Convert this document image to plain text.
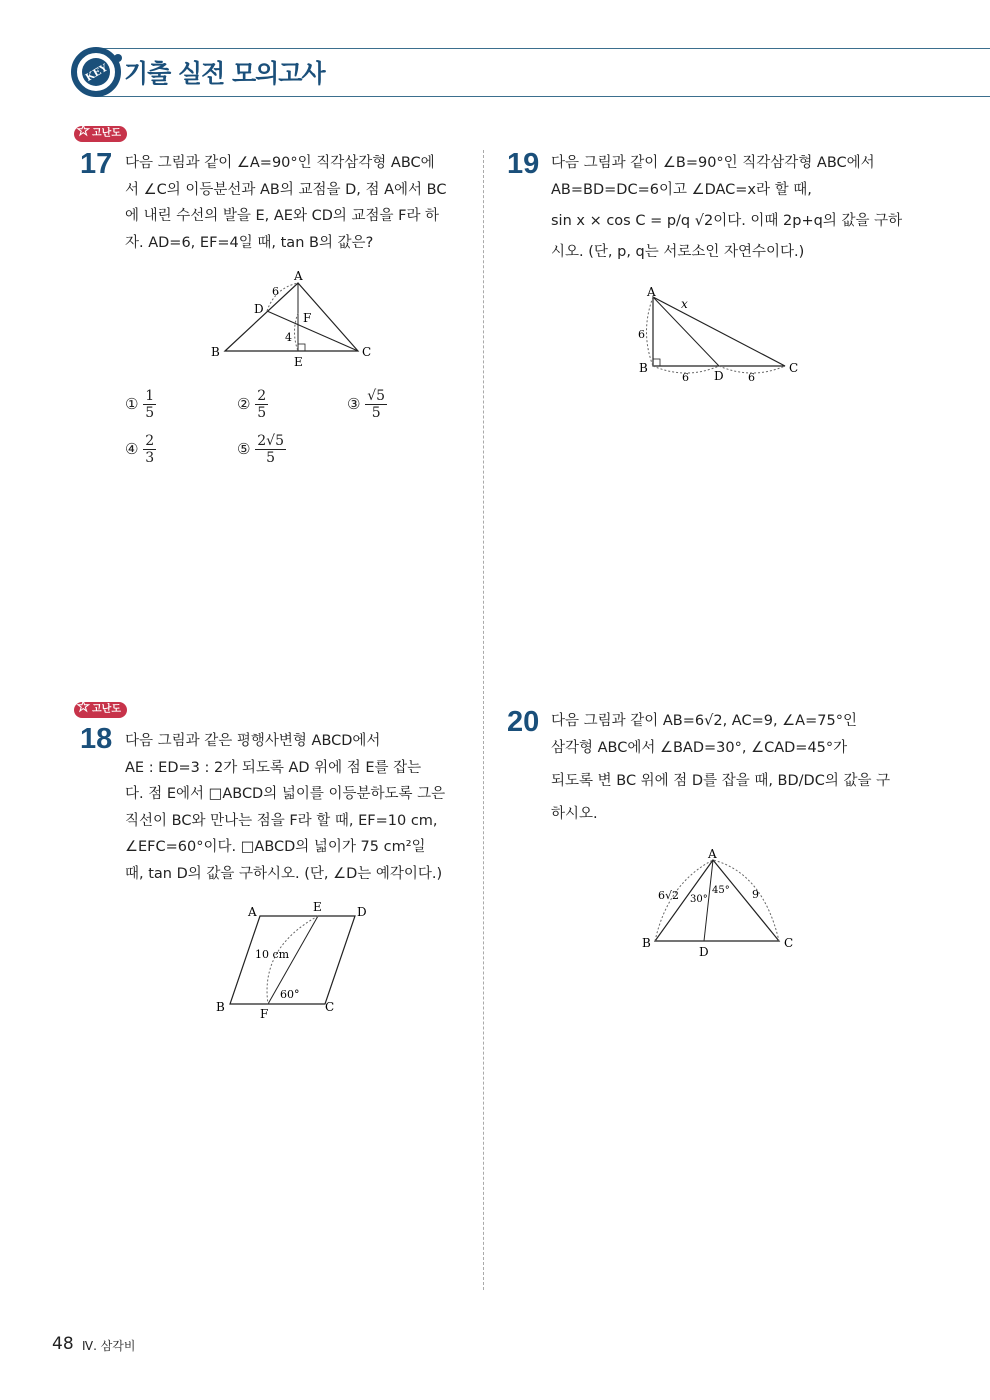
KEY 기출 실전 모의고사
★ 고난도
17 다음 그림과 같이 ∠A=90°인 직각삼각형 ABC에

서 ∠C의 이등분선과 AB의 교점을 D, 점 A에서 BC

에 내린 수선의 발을 E, AE와 CD의 교점을 F라 하

자. AD=6, EF=4일 때, tan B의 값은?

A
B	C
D
E
F
6
4
① $\frac{1}{5}$	② $\frac{2}{5}$	③ $\frac{√5}{5}$
④ $\frac{2}{3}$	⑤ $\frac{2√5}{5}$
★ 고난도
18 다음 그림과 같은 평행사변형 ABCD에서

AE : ED=3 : 2가 되도록 AD 위에 점 E를 잡는

다. 점 E에서 □ABCD의 넓이를 이등분하도록 그은

직선이 BC와 만나는 점을 F라 할 때, EF=10 cm,

∠EFC=60°이다. □ABCD의 넓이가 75 cm²일

때, tan D의 값을 구하시오. (단, ∠D는 예각이다.)

A	E	D
B	F	C
10 cm
60°
19 다음 그림과 같이 ∠B=90°인 직각삼각형 ABC에서

AB=BD=DC=6이고 ∠DAC=x라 할 때,

sin x × cos C = p/q √2이다. 이때 2p+q의 값을 구하

시오. (단, p, q는 서로소인 자연수이다.)

A
B	C
D
x
6
6	6
20 다음 그림과 같이 AB=6√2, AC=9, ∠A=75°인

삼각형 ABC에서 ∠BAD=30°, ∠CAD=45°가

되도록 변 BC 위에 점 D를 잡을 때, BD/DC의 값을 구

하시오.

A
B	C
D
6√2	9
30°
45°
48 Ⅳ. 삼각비
